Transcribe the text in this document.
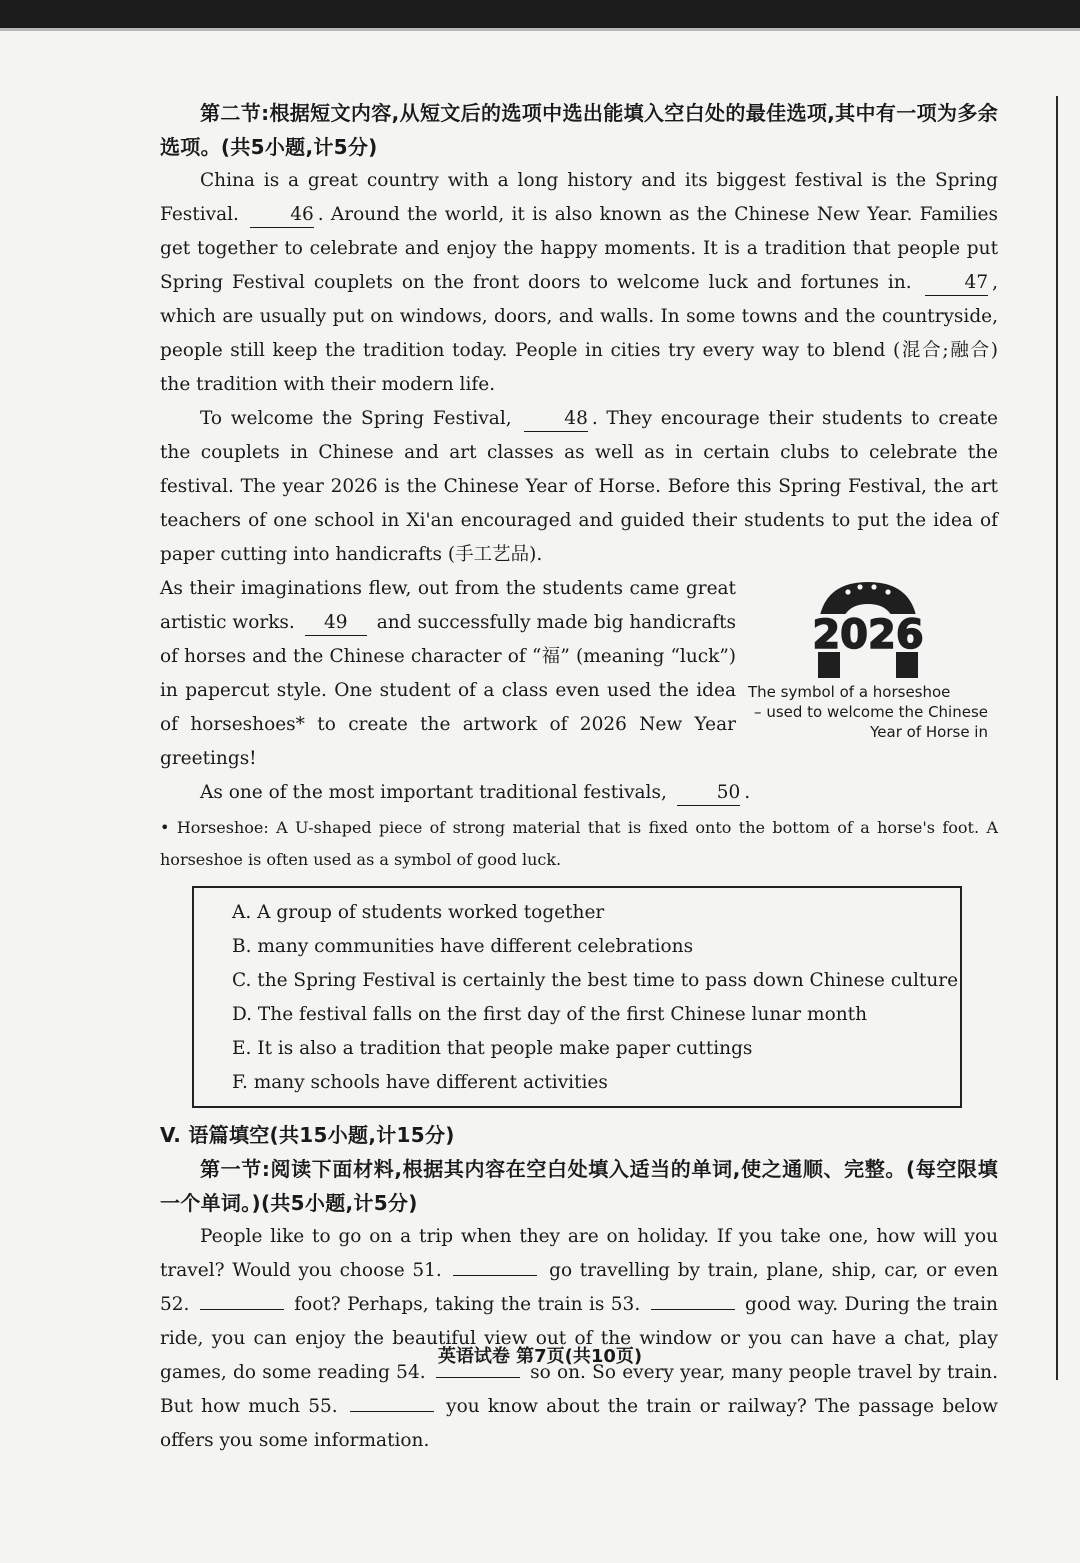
第二节:根据短文内容,从短文后的选项中选出能填入空白处的最佳选项,其中有一项为多余选项。(共5小题,计5分)

China is a great country with a long history and its biggest festival is the Spring Festival.	46 . Around the world, it is also known as the Chinese New Year. Families get together to celebrate and enjoy the happy moments. It is a tradition that people put Spring Festival couplets on the front doors to welcome luck and fortunes in.	47 , which are usually put on windows, doors, and walls. In some towns and the countryside, people still keep the tradition today. People in cities try every way to blend (混合;融合) the tradition with their modern life.

To welcome the Spring Festival,	48 . They encourage their students to create the couplets in Chinese and art classes as well as in certain clubs to celebrate the festival. The year 2026 is the Chinese Year of Horse. Before this Spring Festival, the art teachers of one school in Xi'an encouraged and guided their students to put the idea of paper cutting into handicrafts (手工艺品).

2026
The symbol of a horseshoe
– used to welcome the Chinese
Year of Horse in

As their imaginations flew, out from the students came great artistic works. 49 and successfully made big handicrafts of horses and the Chinese character of “福” (meaning “luck”) in papercut style. One student of a class even used the idea of horseshoes* to create the artwork of 2026 New Year greetings!

As one of the most important traditional festivals,	50 .

• Horseshoe: A U-shaped piece of strong material that is fixed onto the bottom of a horse's foot. A horseshoe is often used as a symbol of good luck.

A. A group of students worked together
B. many communities have different celebrations
C. the Spring Festival is certainly the best time to pass down Chinese culture
D. The festival falls on the first day of the first Chinese lunar month
E. It is also a tradition that people make paper cuttings
F. many schools have different activities

V. 语篇填空(共15小题,计15分)

第一节:阅读下面材料,根据其内容在空白处填入适当的单词,使之通顺、完整。(每空限填一个单词。)(共5小题,计5分)

People like to go on a trip when they are on holiday. If you take one, how will you travel? Would you choose 51.	go travelling by train, plane, ship, car, or even 52.	foot? Perhaps, taking the train is 53.	good way. During the train ride, you can enjoy the beautiful view out of the window or you can have a chat, play games, do some reading 54.	so on. So every year, many people travel by train. But how much 55.	you know about the train or railway? The passage below offers you some information.

英语试卷 第7页(共10页)
